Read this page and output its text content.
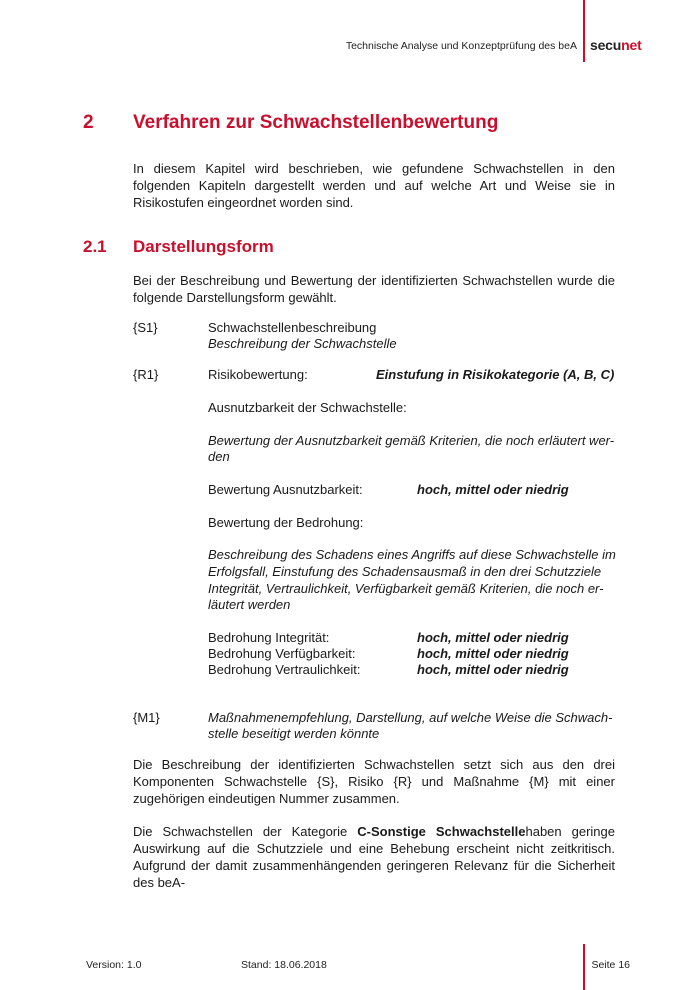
Technische Analyse und Konzeptprüfung des beA secunet
2 Verfahren zur Schwachstellenbewertung
In diesem Kapitel wird beschrieben, wie gefundene Schwachstellen in den folgenden Kapiteln dargestellt werden und auf welche Art und Weise sie in Risikostufen eingeordnet worden sind.
2.1 Darstellungsform
Bei der Beschreibung und Bewertung der identifizierten Schwachstellen wurde die folgende Darstellungsform gewählt.
{S1}	Schwachstellenbeschreibung
Beschreibung der Schwachstelle
{R1}	Risikobewertung:	Einstufung in Risikokategorie (A, B, C)
Ausnutzbarkeit der Schwachstelle:
Bewertung der Ausnutzbarkeit gemäß Kriterien, die noch erläutert wer-
den
Bewertung Ausnutzbarkeit:	hoch, mittel oder niedrig
Bewertung der Bedrohung:
Beschreibung des Schadens eines Angriffs auf diese Schwachstelle im
Erfolgsfall, Einstufung des Schadensausmaß in den drei Schutzziele
Integrität, Vertraulichkeit, Verfügbarkeit gemäß Kriterien, die noch er-
läutert werden
Bedrohung Integrität:	hoch, mittel oder niedrig
Bedrohung Verfügbarkeit:	hoch, mittel oder niedrig
Bedrohung Vertraulichkeit:	hoch, mittel oder niedrig
{M1}	Maßnahmenempfehlung, Darstellung, auf welche Weise die Schwach-
stelle beseitigt werden könnte
Die Beschreibung der identifizierten Schwachstellen setzt sich aus den drei Komponenten Schwachstelle {S}, Risiko {R} und Maßnahme {M} mit einer zugehörigen eindeutigen Nummer zusammen.
Die Schwachstellen der Kategorie C-Sonstige Schwachstellehaben geringe Auswirkung auf die Schutzziele und eine Behebung erscheint nicht zeitkritisch. Aufgrund der damit zusammenhängenden geringeren Relevanz für die Sicherheit des beA-
Version: 1.0	Stand: 18.06.2018	Seite 16
